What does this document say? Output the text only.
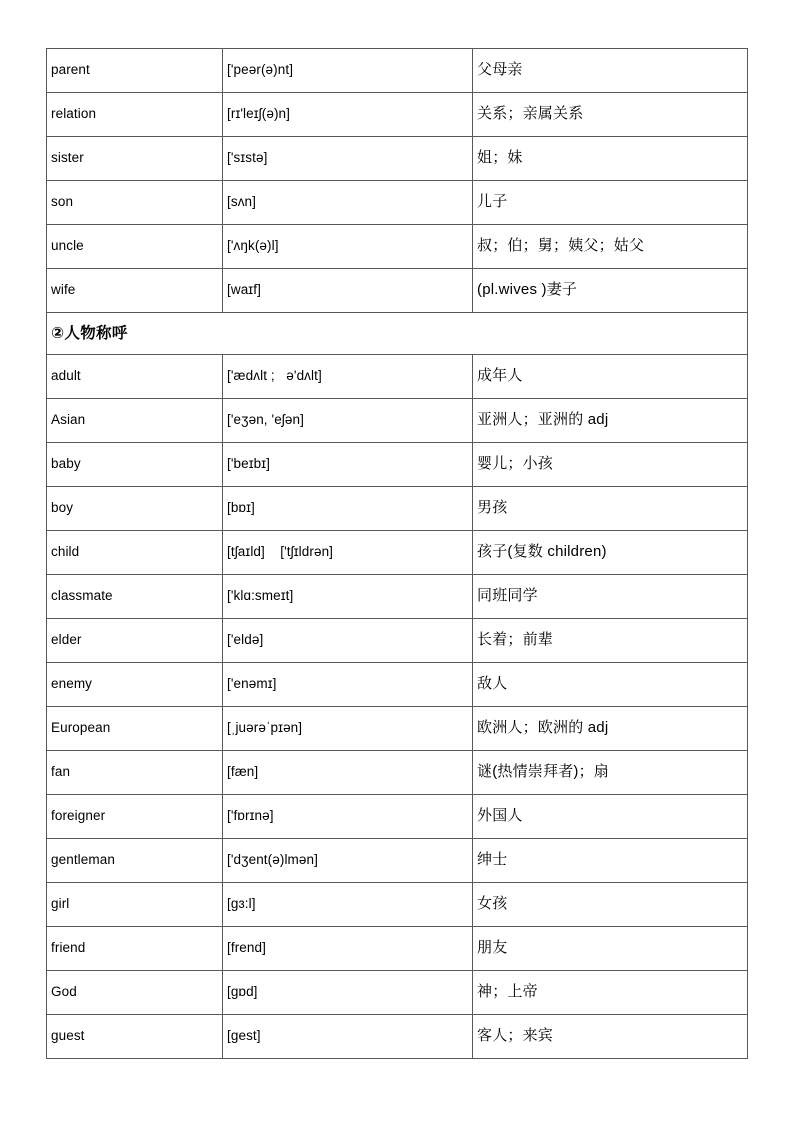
parent	['peər(ə)nt]	父母亲
relation	[rɪ'leɪʃ(ə)n]	关系；亲属关系
sister	['sɪstə]	姐；妹
son	[sʌn]	儿子
uncle	['ʌŋk(ə)l]	叔；伯；舅；姨父；姑父
wife	[waɪf]	(pl.wives )妻子
②人物称呼		
adult	['ædʌlt ;   ə'dʌlt]	成年人
Asian	['eʒən, 'eʃən]	亚洲人；亚洲的 adj
baby	['beɪbɪ]	婴儿；小孩
boy	[bɒɪ]	男孩
child	[tʃaɪld]    ['tʃɪldrən]	孩子(复数 children)
classmate	['klɑ:smeɪt]	同班同学
elder	['eldə]	长着；前辈
enemy	['enəmɪ]	敌人
European	[ˌjuərəˈpɪən]	欧洲人；欧洲的 adj
fan	[fæn]	谜(热情崇拜者)；扇
foreigner	['fɒrɪnə]	外国人
gentleman	['dʒent(ə)lmən]	绅士
girl	[gɜ:l]	女孩
friend	[frend]	朋友
God	[gɒd]	神；上帝
guest	[gest]	客人；来宾
